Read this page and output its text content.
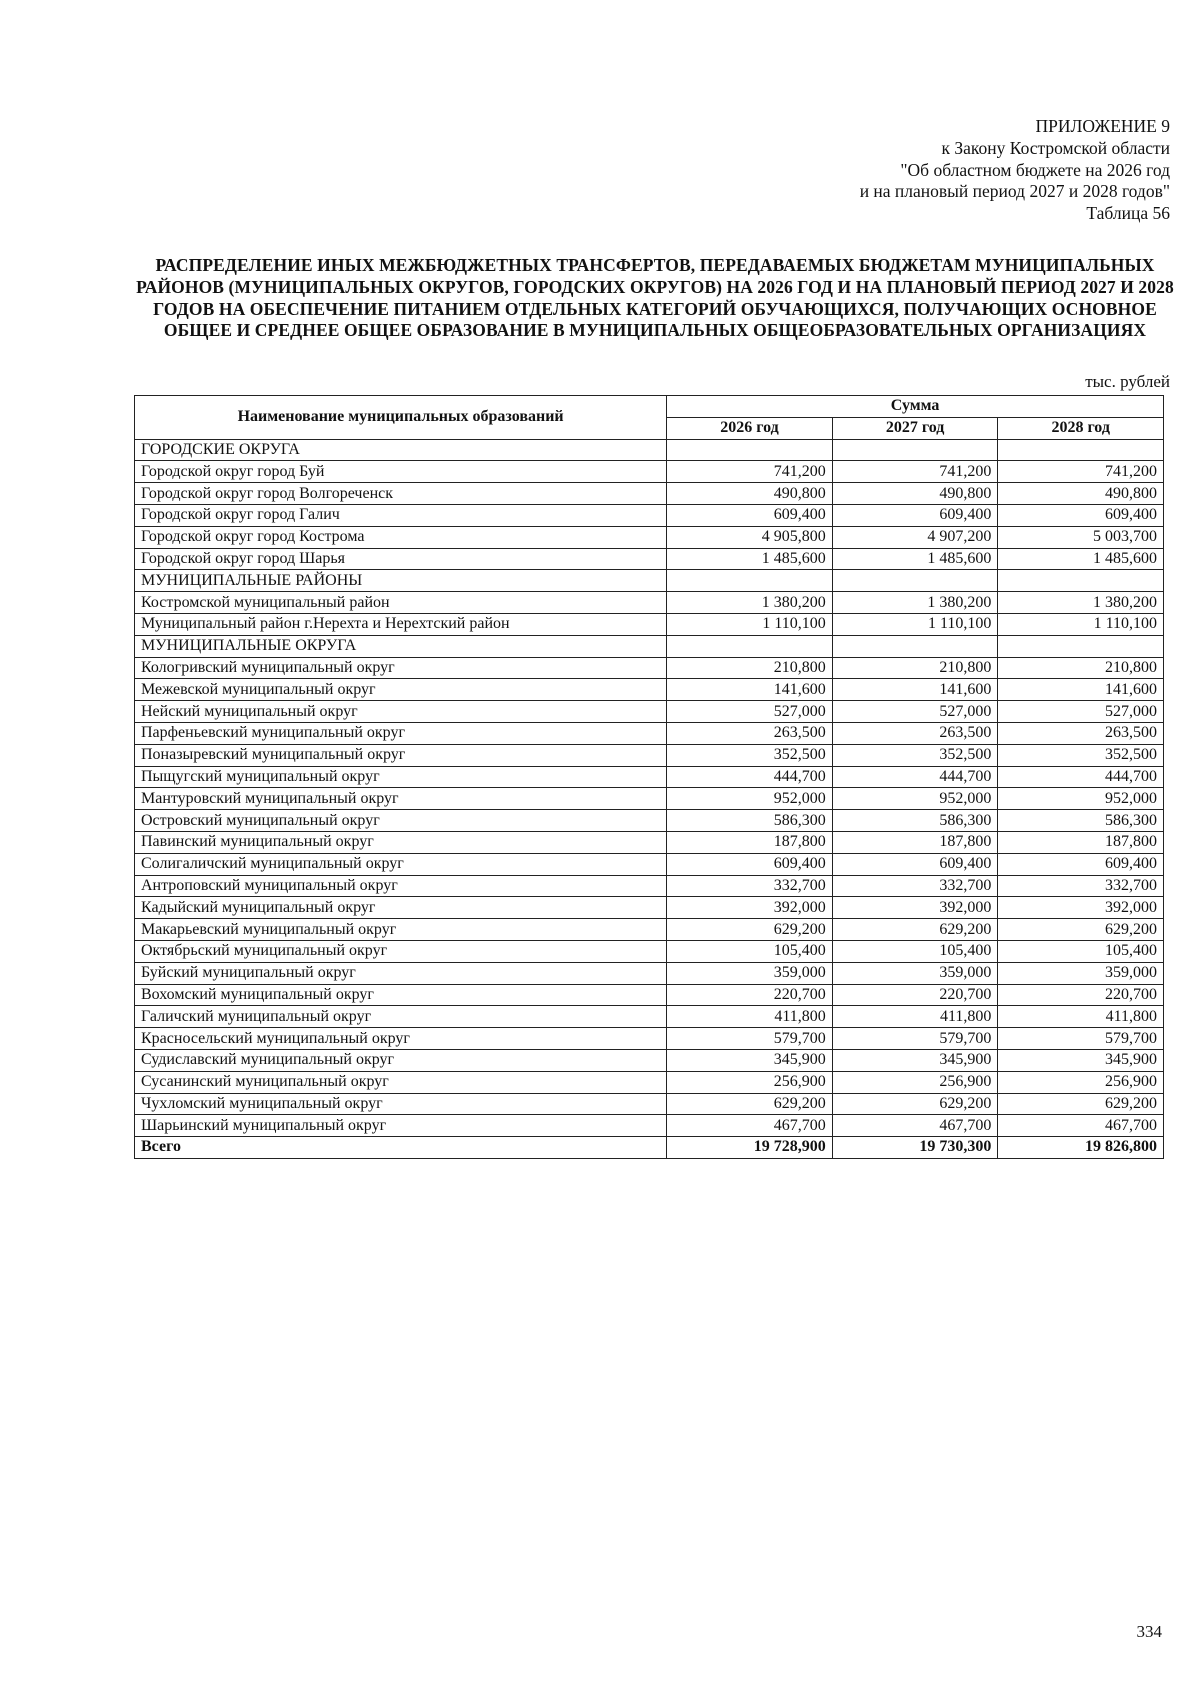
ПРИЛОЖЕНИЕ 9
к Закону Костромской области
"Об областном бюджете на 2026 год
и на плановый период 2027 и 2028 годов"
Таблица 56
РАСПРЕДЕЛЕНИЕ ИНЫХ МЕЖБЮДЖЕТНЫХ ТРАНСФЕРТОВ, ПЕРЕДАВАЕМЫХ БЮДЖЕТАМ МУНИЦИПАЛЬНЫХ РАЙОНОВ (МУНИЦИПАЛЬНЫХ ОКРУГОВ, ГОРОДСКИХ ОКРУГОВ) НА 2026 ГОД И НА ПЛАНОВЫЙ ПЕРИОД 2027 И 2028 ГОДОВ НА ОБЕСПЕЧЕНИЕ ПИТАНИЕМ ОТДЕЛЬНЫХ КАТЕГОРИЙ ОБУЧАЮЩИХСЯ, ПОЛУЧАЮЩИХ ОСНОВНОЕ ОБЩЕЕ И СРЕДНЕЕ ОБЩЕЕ ОБРАЗОВАНИЕ В МУНИЦИПАЛЬНЫХ ОБЩЕОБРАЗОВАТЕЛЬНЫХ ОРГАНИЗАЦИЯХ
тыс. рублей
Наименование муниципальных образований	Сумма		
	2026 год	2027 год	2028 год
ГОРОДСКИЕ ОКРУГА			
Городской округ город Буй	741,200	741,200	741,200
Городской округ город Волгореченск	490,800	490,800	490,800
Городской округ город Галич	609,400	609,400	609,400
Городской округ город Кострома	4 905,800	4 907,200	5 003,700
Городской округ город Шарья	1 485,600	1 485,600	1 485,600
МУНИЦИПАЛЬНЫЕ РАЙОНЫ			
Костромской муниципальный район	1 380,200	1 380,200	1 380,200
Муниципальный район г.Нерехта и Нерехтский район	1 110,100	1 110,100	1 110,100
МУНИЦИПАЛЬНЫЕ ОКРУГА			
Кологривский муниципальный округ	210,800	210,800	210,800
Межевской муниципальный округ	141,600	141,600	141,600
Нейский муниципальный округ	527,000	527,000	527,000
Парфеньевский муниципальный округ	263,500	263,500	263,500
Поназыревский муниципальный округ	352,500	352,500	352,500
Пыщугский муниципальный округ	444,700	444,700	444,700
Мантуровский муниципальный округ	952,000	952,000	952,000
Островский муниципальный округ	586,300	586,300	586,300
Павинский муниципальный округ	187,800	187,800	187,800
Солигаличский муниципальный округ	609,400	609,400	609,400
Антроповский муниципальный округ	332,700	332,700	332,700
Кадыйский муниципальный округ	392,000	392,000	392,000
Макарьевский муниципальный округ	629,200	629,200	629,200
Октябрьский муниципальный округ	105,400	105,400	105,400
Буйский муниципальный округ	359,000	359,000	359,000
Вохомский муниципальный округ	220,700	220,700	220,700
Галичский муниципальный округ	411,800	411,800	411,800
Красносельский муниципальный округ	579,700	579,700	579,700
Судиславский муниципальный округ	345,900	345,900	345,900
Сусанинский муниципальный округ	256,900	256,900	256,900
Чухломский муниципальный округ	629,200	629,200	629,200
Шарьинский муниципальный округ	467,700	467,700	467,700
Всего	19 728,900	19 730,300	19 826,800
334
